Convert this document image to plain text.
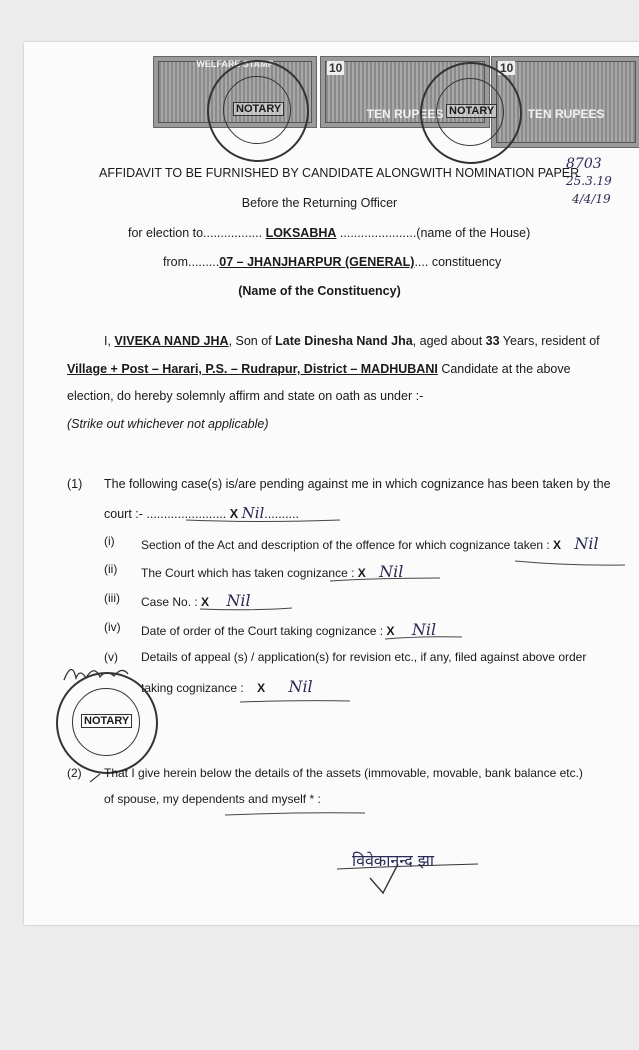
WELFARE STAMP	10
TEN RUPEES
10
TEN RUPEES
NOTARY	NOTARY
8703
25.3.19
4/4/19
AFFIDAVIT TO BE FURNISHED BY CANDIDATE ALONGWITH NOMINATION PAPER
Before the Returning Officer
for election to................. LOKSABHA ......................(name of the House)
from.........07 – JHANJHARPUR (GENERAL).... constituency
(Name of the Constituency)
I, VIVEKA NAND JHA, Son of Late Dinesha Nand Jha, aged about 33 Years, resident of
Village + Post – Harari, P.S. – Rudrapur, District – MADHUBANI Candidate at the above
election, do hereby solemnly affirm and state on oath as under :-
(Strike out whichever not applicable)
(1) The following case(s) is/are pending against me in which cognizance has been taken by the
court :- ....................... X Nil..........
(i) Section of the Act and description of the offence for which cognizance taken : X Nil
(ii) The Court which has taken cognizance : X Nil
(iii) Case No. : X Nil
(iv) Date of order of the Court taking cognizance : X Nil
(v) Details of appeal (s) / application(s) for revision etc., if any, filed against above order
taking cognizance : X Nil
NOTARY
(2) That I give herein below the details of the assets (immovable, movable, bank balance etc.)
of spouse, my dependents and myself * :
विवेकानन्द झा
